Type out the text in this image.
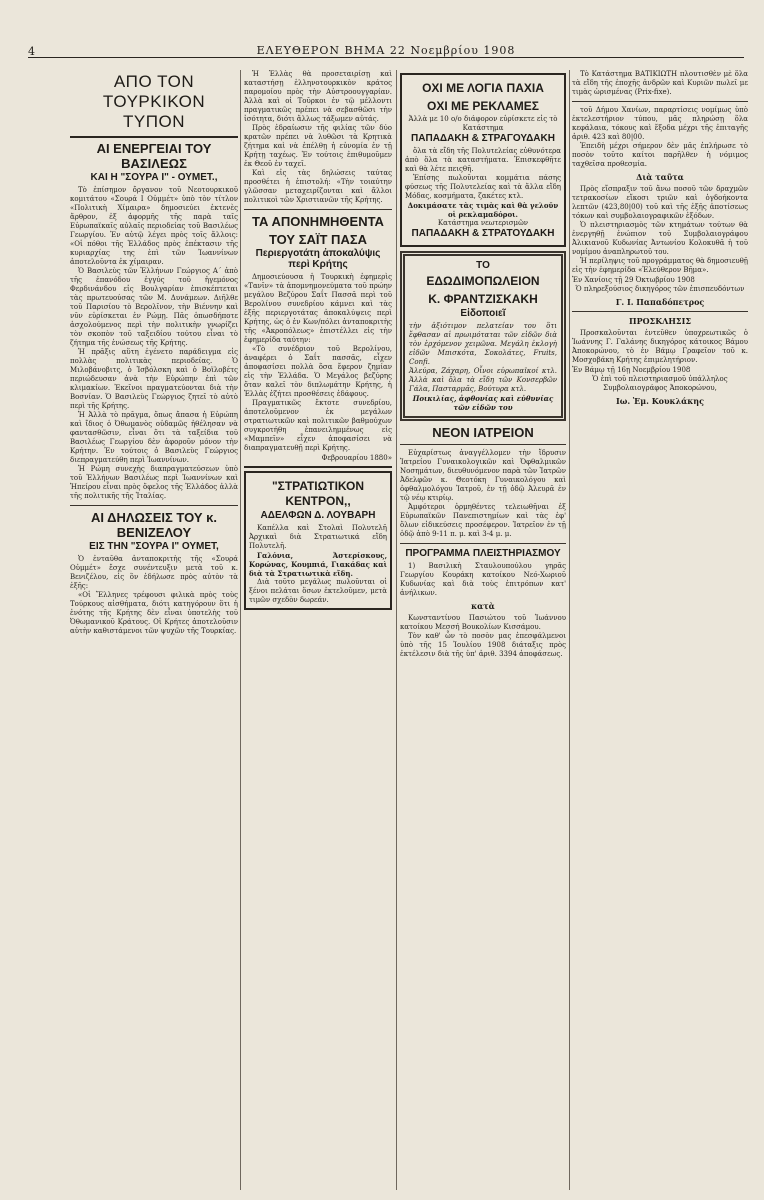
4	ΕΛΕΥΘΕΡΟΝ ΒΗΜΑ 22 Νοεμβρίου 1908
ΑΠΟ ΤΟΝ ΤΟΥΡΚΙΚΟΝ ΤΥΠΟΝ
ΑΙ ΕΝΕΡΓΕΙΑΙ ΤΟΥ ΒΑΣΙΛΕΩΣ
ΚΑΙ Η "ΣΟΥΡΑ Ι" - ΟΥΜΕΤ.,

Τὸ ἐπίσημον ὄργανον τοῦ Νεοτουρκικοῦ κομιτάτου «Σουρά Ι Οὐμμέτ» ὑπὸ τὸν τίτλον «Πολιτικὴ Χίμαιρα» δημοσιεύει ἐκτενὲς ἄρθρον, ἐξ ἀφορμῆς τῆς παρὰ ταῖς Εὐρωπαϊκαῖς αὐλαῖς περιοδείας τοῦ Βασιλέως Γεωργίου. Ἐν αὐτῷ λέγει πρὸς τοῖς ἄλλοις: «Οἱ πόθοι τῆς Ἑλλάδος πρὸς ἐπέκτασιν τῆς κυριαρχίας της ἐπὶ τῶν Ἰωαννίνων ἀποτελοῦντα ἐκ χίμαιραν.

Ὁ Βασιλεὺς τῶν Ἑλλήνων Γεώργιος Α΄ ἀπὸ τῆς ἐπανόδου ἐγγύς τοῦ ἡγεμόνος Φερδινάνδου εἰς Βουλγαρίαν ἐπισκέπτεται τὰς πρωτευούσας τῶν Μ. Δυνάμεων. Διῆλθε τοῦ Παρισίου τὸ Βερολῖνον, τὴν Βιέννην καὶ νῦν εὑρίσκεται ἐν Ρώμῃ. Πᾶς ὁπωσδήποτε ἀσχολούμενος περὶ τὴν πολιτικὴν γνωρίζει τὸν σκοπὸν τοῦ ταξειδίου τούτου εἶναι τὸ ζήτημα τῆς ἑνώσεως τῆς Κρήτης.

Ἡ πρᾶξις αὕτη ἐγένετο παράδειγμα εἰς πολλὰς πολιτικὰς περιοδείας. Ὁ Μιλοβάνοβιτς, ὁ Ἰσβόλσκη καὶ ὁ Βοϊλοβέτς περιώδευσαν ἀνὰ τὴν Εὐρώπην ἐπὶ τῶν κλιμακίων. Ἐκεῖνοι πραγματεύονται διὰ τὴν Βοσνίαν. Ὁ Βασιλεὺς Γεώργιος ζητεῖ τὸ αὐτὸ περὶ τῆς Κρήτης.

Ἡ Ἀλλὰ τὸ πρᾶγμα, ὅπως ἄπασα ἡ Εὐρώπη καὶ ἴδιος ὁ Ὀθωμανὸς οὐδαμῶς ἠθέλησαν νὰ φαντασθῶσιν, εἶναι ὅτι τὰ ταξείδια τοῦ Βασιλέως Γεωργίου δὲν ἀφοροῦν μόνον τὴν Κρήτην. Ἐν τούτοις ὁ Βασιλεὺς Γεώργιος διεπραγματεύθη περὶ Ἰωαννίνων.

Ἡ Ρώμη συνεχὴς διαπραγματεύσεων ὑπὸ τοῦ Ἑλλήνων Βασιλέως περὶ Ἰωαννίνων καὶ Ἠπείρου εἶναι πρὸς ὄφελος τῆς Ἑλλάδος ἀλλὰ τῆς πολιτικῆς τῆς Ἰταλίας.

ΑΙ ΔΗΛΩΣΕΙΣ ΤΟΥ κ. ΒΕΝΙΖΕΛΟΥ
ΕΙΣ ΤΗΝ "ΣΟΥΡΑ Ι" ΟΥΜΕΤ,

Ὁ ἐνταῦθα ἀνταποκριτὴς τῆς «Σουρά Οὐμμέτ» ἔσχε συνέντευξιν μετὰ τοῦ κ. Βενιζέλου, εἰς ὃν ἐδήλωσε πρὸς αὐτὸν τὰ ἑξῆς:

«Οἱ Ἕλληνες τρέφουσι φιλικὰ πρὸς τοὺς Τούρκους αἰσθήματα, διότι κατηγόρουν ὅτι ἡ ἑνότης τῆς Κρήτης δὲν εἶναι ὑποτελὴς τοῦ Ὀθωμανικοῦ Κράτους. Οἱ Κρήτες ἀποτελοῦσιν αὐτὴν καθιστάμενοι τῶν ψυχῶν τῆς Τουρκίας.

Ἡ Ἑλλὰς θὰ προσεταιρίσῃ καὶ καταστήσῃ ἑλληνοτουρκικὸν κράτος παρομοίου πρὸς τὴν Αὐστροουγγαρίαν. Ἀλλὰ καὶ οἱ Τοῦρκοι ἐν τῷ μέλλοντι πραγματικῶς πρέπει νὰ σεβασθῶσι τὴν ἰσότητα, διότι ἄλλως τάξωμεν αὐτάς.

Πρὸς ἐδραίωσιν τῆς φιλίας τῶν δύο κρατῶν πρέπει νὰ λυθῶσι τὰ Κρητικὰ ζήτημα καὶ νὰ ἐπέλθῃ ἡ εὐνομία ἐν τῇ Κρήτῃ ταχέως. Ἐν τούτοις ἐπιθυμοῦμεν ἐκ Θεοῦ ἐν ταχεῖ.

Καὶ εἰς τὰς δηλώσεις ταύτας προσθέτει ἡ ἐπιστολή: «Τὴν τοιαύτην γλῶσσαν μεταχειρίζονται καὶ ἄλλοι πολιτικοὶ τῶν Χριστιανῶν τῆς Κρήτης.

ΤΑ ΑΠΟΝΗΜΗΘΕΝΤΑ
ΤΟΥ ΣΑΪΤ ΠΑΣΑ
Περιεργοτάτη ἀποκαλύψις περὶ Κρήτης

Δημοσιεύουσα ἡ Τουρκικὴ ἐφημερὶς «Τανῖν» τὰ ἀπομνημονεύματα τοῦ πρώην μεγάλου Βεζύρου Σαΐτ Πασσᾶ περὶ τοῦ Βερολίνου συνεδρίου κάμνει καὶ τὰς ἑξῆς περιεργοτάτας ἀποκαλύψεις περὶ Κρήτης, ὡς ὁ ἐν Κων/πόλει ἀνταποκριτὴς τῆς «Ἀκροπόλεως» ἐπιστέλλει εἰς τὴν ἐφημερίδα ταύτην:

«Τὸ συνέδριον τοῦ Βερολίνου, ἀναφέρει ὁ Σαΐτ πασσᾶς, εἶχεν ἀποφασίσει πολλὰ ὅσα ἔφερον ζημίαν εἰς τὴν Ἑλλάδα. Ὁ Μεγάλος βεζύρης ὅταν καλεῖ τὸν διπλωμάτην Κρήτης, ἡ Ἑλλὰς ἐζήτει προσθέσεις ἐδάφους.

Πραγματικῶς ἔκτοτε συνεδρίου, ἀποτελοῦμενον ἐκ μεγάλων στρατιωτικῶν καὶ πολιτικῶν βαθμούχων συγκροτήθη ἐπανειλημμένως εἰς «Μαμπεῖν» εἶχεν ἀποφασίσει νὰ διαπραγματευθῇ περὶ Κρήτης.

Φεβρουαρίου 1880»
"ΣΤΡΑΤΙΩΤΙΚΟΝ ΚΕΝΤΡΟΝ,,
ΑΔΕΛΦΩΝ Δ. ΛΟΥΒΑΡΗ

Καπέλλα καὶ Στολαὶ Πολυτελῆ Ἀρχικαὶ διὰ Στρατιωτικά εἴδη Πολυτελῆ.

Γαλόνια, Ἀστερίσκους, Κορώνας, Κουμπιά, Γιακάδας καὶ διὰ τὰ Στρατιωτικὰ εἴδη.

Διὰ τοῦτο μεγάλως πωλοῦνται οἱ ξένοι πελάται ὅσων ἐκτελοῦμεν, μετὰ τιμῶν σχεδὸν δωρεάν.

ΟΧΙ ΜΕ ΛΟΓΙΑ ΠΑΧΙΑ
ΟΧΙ ΜΕ ΡΕΚΛΑΜΕΣ

Ἀλλὰ με 10 ο/ο διάφορον εὑρίσκετε εἰς τὸ Κατάστημα

ΠΑΠΑΔΑΚΗ & ΣΤΡΑΓΟΥΔΑΚΗ

ὅλα τὰ εἴδη τῆς Πολυτελείας εὐθυνότερα ἀπὸ ὅλα τὰ καταστήματα. Ἐπισκεφθῆτε καὶ θὰ λέτε πειςθῆ.

Ἐπίσης πωλοῦνται κομμάτια πάσης φύσεως τῆς Πολυτελείας καὶ τὰ ἄλλα εἴδη Μόδας, κοσμήματα, ζακέτες κτλ.

Δοκιμάσατε τὰς τιμὰς καὶ θὰ γελοῦν οἱ ρεκλαμαδόροι.

Κατάστημα νεωτερισμῶν

ΠΑΠΑΔΑΚΗ & ΣΤΡΑΤΟΥΔΑΚΗ
ΤΟ
ΕΔΩΔΙΜΟΠΩΛΕΙΟΝ
Κ. ΦΡΑΝΤΖΙΣΚΑΚΗ
Εἰδοποιεῖ

τὴν ἀξιότιμον πελατείαν του ὅτι ἔφθασαν αἱ πρωιμόταται τῶν εἰδῶν διὰ τὸν ἐρχόμενον χειμῶνα. Μεγάλη ἐκλογὴ εἰδῶν Μπισκότα, Σοκολάτες, Fruits, Confi.

Ἀλεύρα, Ζάχαρη, Οἶνοι εὐρωπαϊκοί κτλ. Ἀλλὰ καὶ ὅλα τὰ εἴδη τῶν Κονσερβῶν Γάλα, Πασταρμᾶς, Βούτυρα κτλ.

Ποικιλίας, ἀφθονίας καὶ εὐθυνίας τῶν εἰδῶν του

ΝΕΟΝ ΙΑΤΡΕΙΟΝ

Εὐχαρίστως ἀναγγέλλομεν τὴν ἵδρυσιν Ἰατρείου Γυναικολογικῶν καὶ Ὀφθαλμικῶν Νοσημάτων, διευθυνόμενον παρὰ τῶν Ἰατρῶν Ἀδελφῶν κ. Θεοτόκη Γυναικολόγου καὶ ὀφθαλμολόγου Ἰατροῦ, ἐν τῇ ὁδῷ Ἀλευρᾶ ἐν τῷ νέῳ κτιρίῳ.

Ἀμφότεροι ὁρμηθέντες τελειωθῆναι ἐξ Εὐρωπαϊκῶν Πανεπιστημίων καὶ τὰς ἐφ' ὅλων εἰδικεύσεις προσέφερον. Ἰατρεῖον ἐν τῇ ὁδῷ ἀπὸ 9-11 π. μ. καὶ 3-4 μ. μ.

ΠΡΟΓΡΑΜΜΑ ΠΛΕΙΣΤΗΡΙΑΣΜΟΥ

1) Βασιλικὴ Σταυλουπούλου γηρᾶς Γεωργίου Κουράκη κατοίκου Νεό-Χωριοῦ Κυδωνίας καὶ διὰ τοὺς ἐπιτρόπων κατ' ἀνήλικων.

κατὰ

Κωνσταντίνου Πασιώτου τοῦ Ἰωάννου κατοίκου Μεσσή Βουκολίων Κισσάμου.

Τὸν καθ' ὧν τὸ ποσὸν μας ἐπεσφάλμενοι ὑπὸ τῆς 15 Ἰουλίου 1908 διάταξις πρὸς ἐκτέλεσιν διὰ τῆς ὑπ' ἀριθ. 3394 ἀποφάσεως.

Τὸ Κατάστημα ΒΑΤΙΚΙΩΤΗ πλουτισθὲν μὲ ὅλα τὰ εἴδη τῆς ἐποχῆς ἀνδρῶν καὶ Κυριῶν πωλεῖ με τιμὰς ὡρισμένας (Prix-fixe).

τοῦ Δήμου Χανίων, παραρτίσεις νομίμως ὑπὸ ἐκτελεστήριον τύπου, μᾶς πληρώσῃ ὅλα κεφάλαια, τόκους καὶ ἔξοδα μέχρι τῆς ἐπιταγῆς ἀριθ. 423 καὶ 80|00.

Ἐπειδὴ μέχρι σήμερον δὲν μᾶς ἐπλήρωσε τὸ ποσὸν τοῦτο καίτοι παρῆλθεν ἡ νόμιμος ταχθεῖσα προθεσμία.

Διὰ ταῦτα

Πρὸς εἴσπραξιν τοῦ ἄνω ποσοῦ τῶν δραχμῶν τετρακοσίων εἴκοσι τριῶν καὶ ὀγδοήκοντα λεπτῶν (423,80|00) τοῦ καὶ τῆς ἑξῆς ἀποτίσεως τόκων καὶ συμβολαιογραφικῶν ἐξόδων.

Ὁ πλειστηριασμὸς τῶν κτημάτων τούτων θὰ ἐνεργηθῇ ἐνώπιον τοῦ Συμβολαιογράφου Ἀλικιανοῦ Κυδωνίας Ἀντωνίου Κολοκυθᾶ ἡ τοῦ νομίμου ἀναπληρωτοῦ του.

Ἡ περίληψις τοῦ προγράμματος θὰ δημοσιευθῇ εἰς τὴν ἐφημερίδα «Ἐλεύθερον Βῆμα».

Ἐν Χανίοις τῇ 29 Ὀκτωβρίου 1908

Ὁ πληρεξούσιος δικηγόρος τῶν ἐπισπευδόντων

Γ. Ι. Παπαδόπετρος
ΠΡΟΣΚΛΗΣΙΣ

Προσκαλοῦνται ἐντεῦθεν ὑποχρεωτικῶς ὁ Ἰωάννης Γ. Γαλάνης δικηγόρος κάτοικος Βάμου Ἀποκορώνου, τὸ ἐν Βάμῳ Γραφεῖον τοῦ κ. Μοσχοβάκη Κρήτης ἐπιμελητήριον.

Ἐν Βάμῳ τῇ 16ῃ Νοεμβρίου 1908

Ὁ ἐπὶ τοῦ πλειστηριασμοῦ ὑπάλληλος Συμβολαιογράφος Ἀποκορώνου,

Ιω. Ἐμ. Κουκλάκης
